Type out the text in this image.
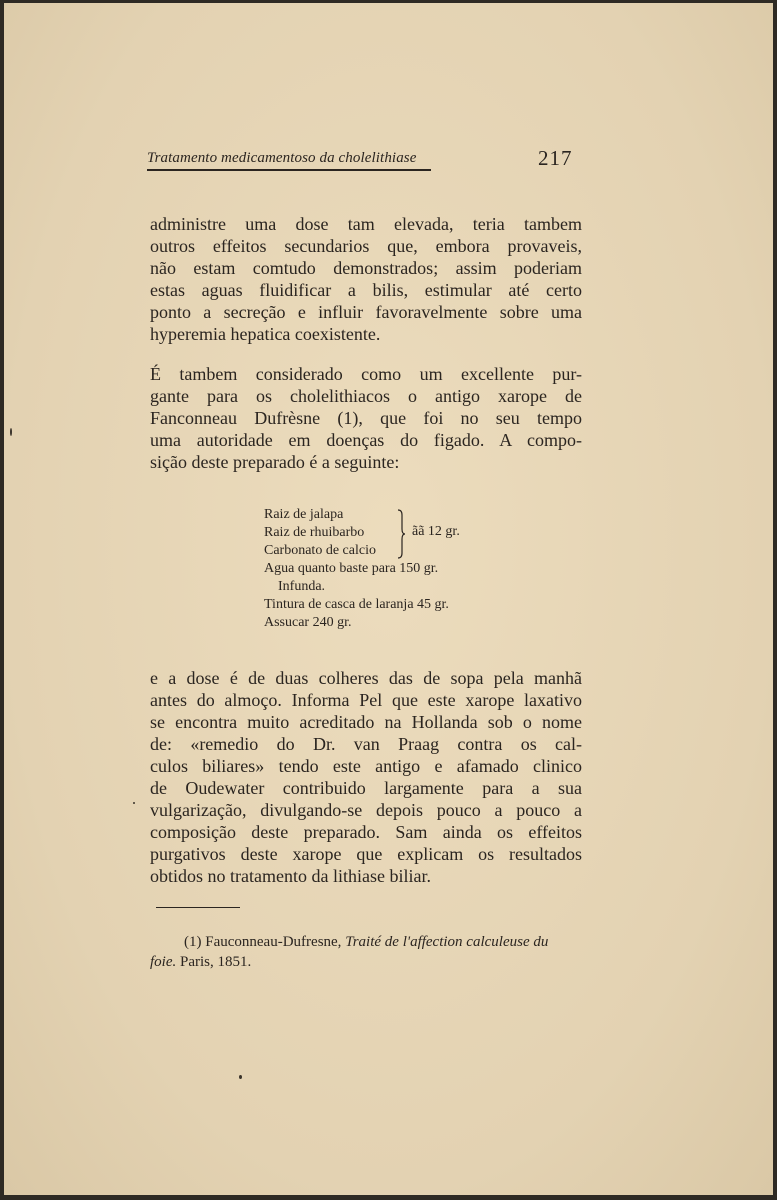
Tratamento medicamentoso da cholelithiase	217
administre uma dose tam elevada, teria tambem
outros effeitos secundarios que, embora provaveis,
não estam comtudo demonstrados; assim poderiam
estas aguas fluidificar a bilis, estimular até certo
ponto a secreção e influir favoravelmente sobre uma
hyperemia hepatica coexistente.
É tambem considerado como um excellente pur-
gante para os cholelithiacos o antigo xarope de
Fanconneau Dufrèsne (1), que foi no seu tempo
uma autoridade em doenças do figado. A compo-
sição deste preparado é a seguinte:
Raiz de jalapa
Raiz de rhuibarbo
Carbonato de calcio
Agua quanto baste para 150 gr.
Infunda.
Tintura de casca de laranja 45 gr.
Assucar 240 gr.
ãã 12 gr.
e a dose é de duas colheres das de sopa pela manhã
antes do almoço. Informa Pel que este xarope laxativo
se encontra muito acreditado na Hollanda sob o nome
de: «remedio do Dr. van Praag contra os cal-
culos biliares» tendo este antigo e afamado clinico
de Oudewater contribuido largamente para a sua
vulgarização, divulgando-se depois pouco a pouco a
composição deste preparado. Sam ainda os effeitos
purgativos deste xarope que explicam os resultados
obtidos no tratamento da lithiase biliar.
(1) Fauconneau-Dufresne, Traité de l'affection calculeuse du
foie. Paris, 1851.
